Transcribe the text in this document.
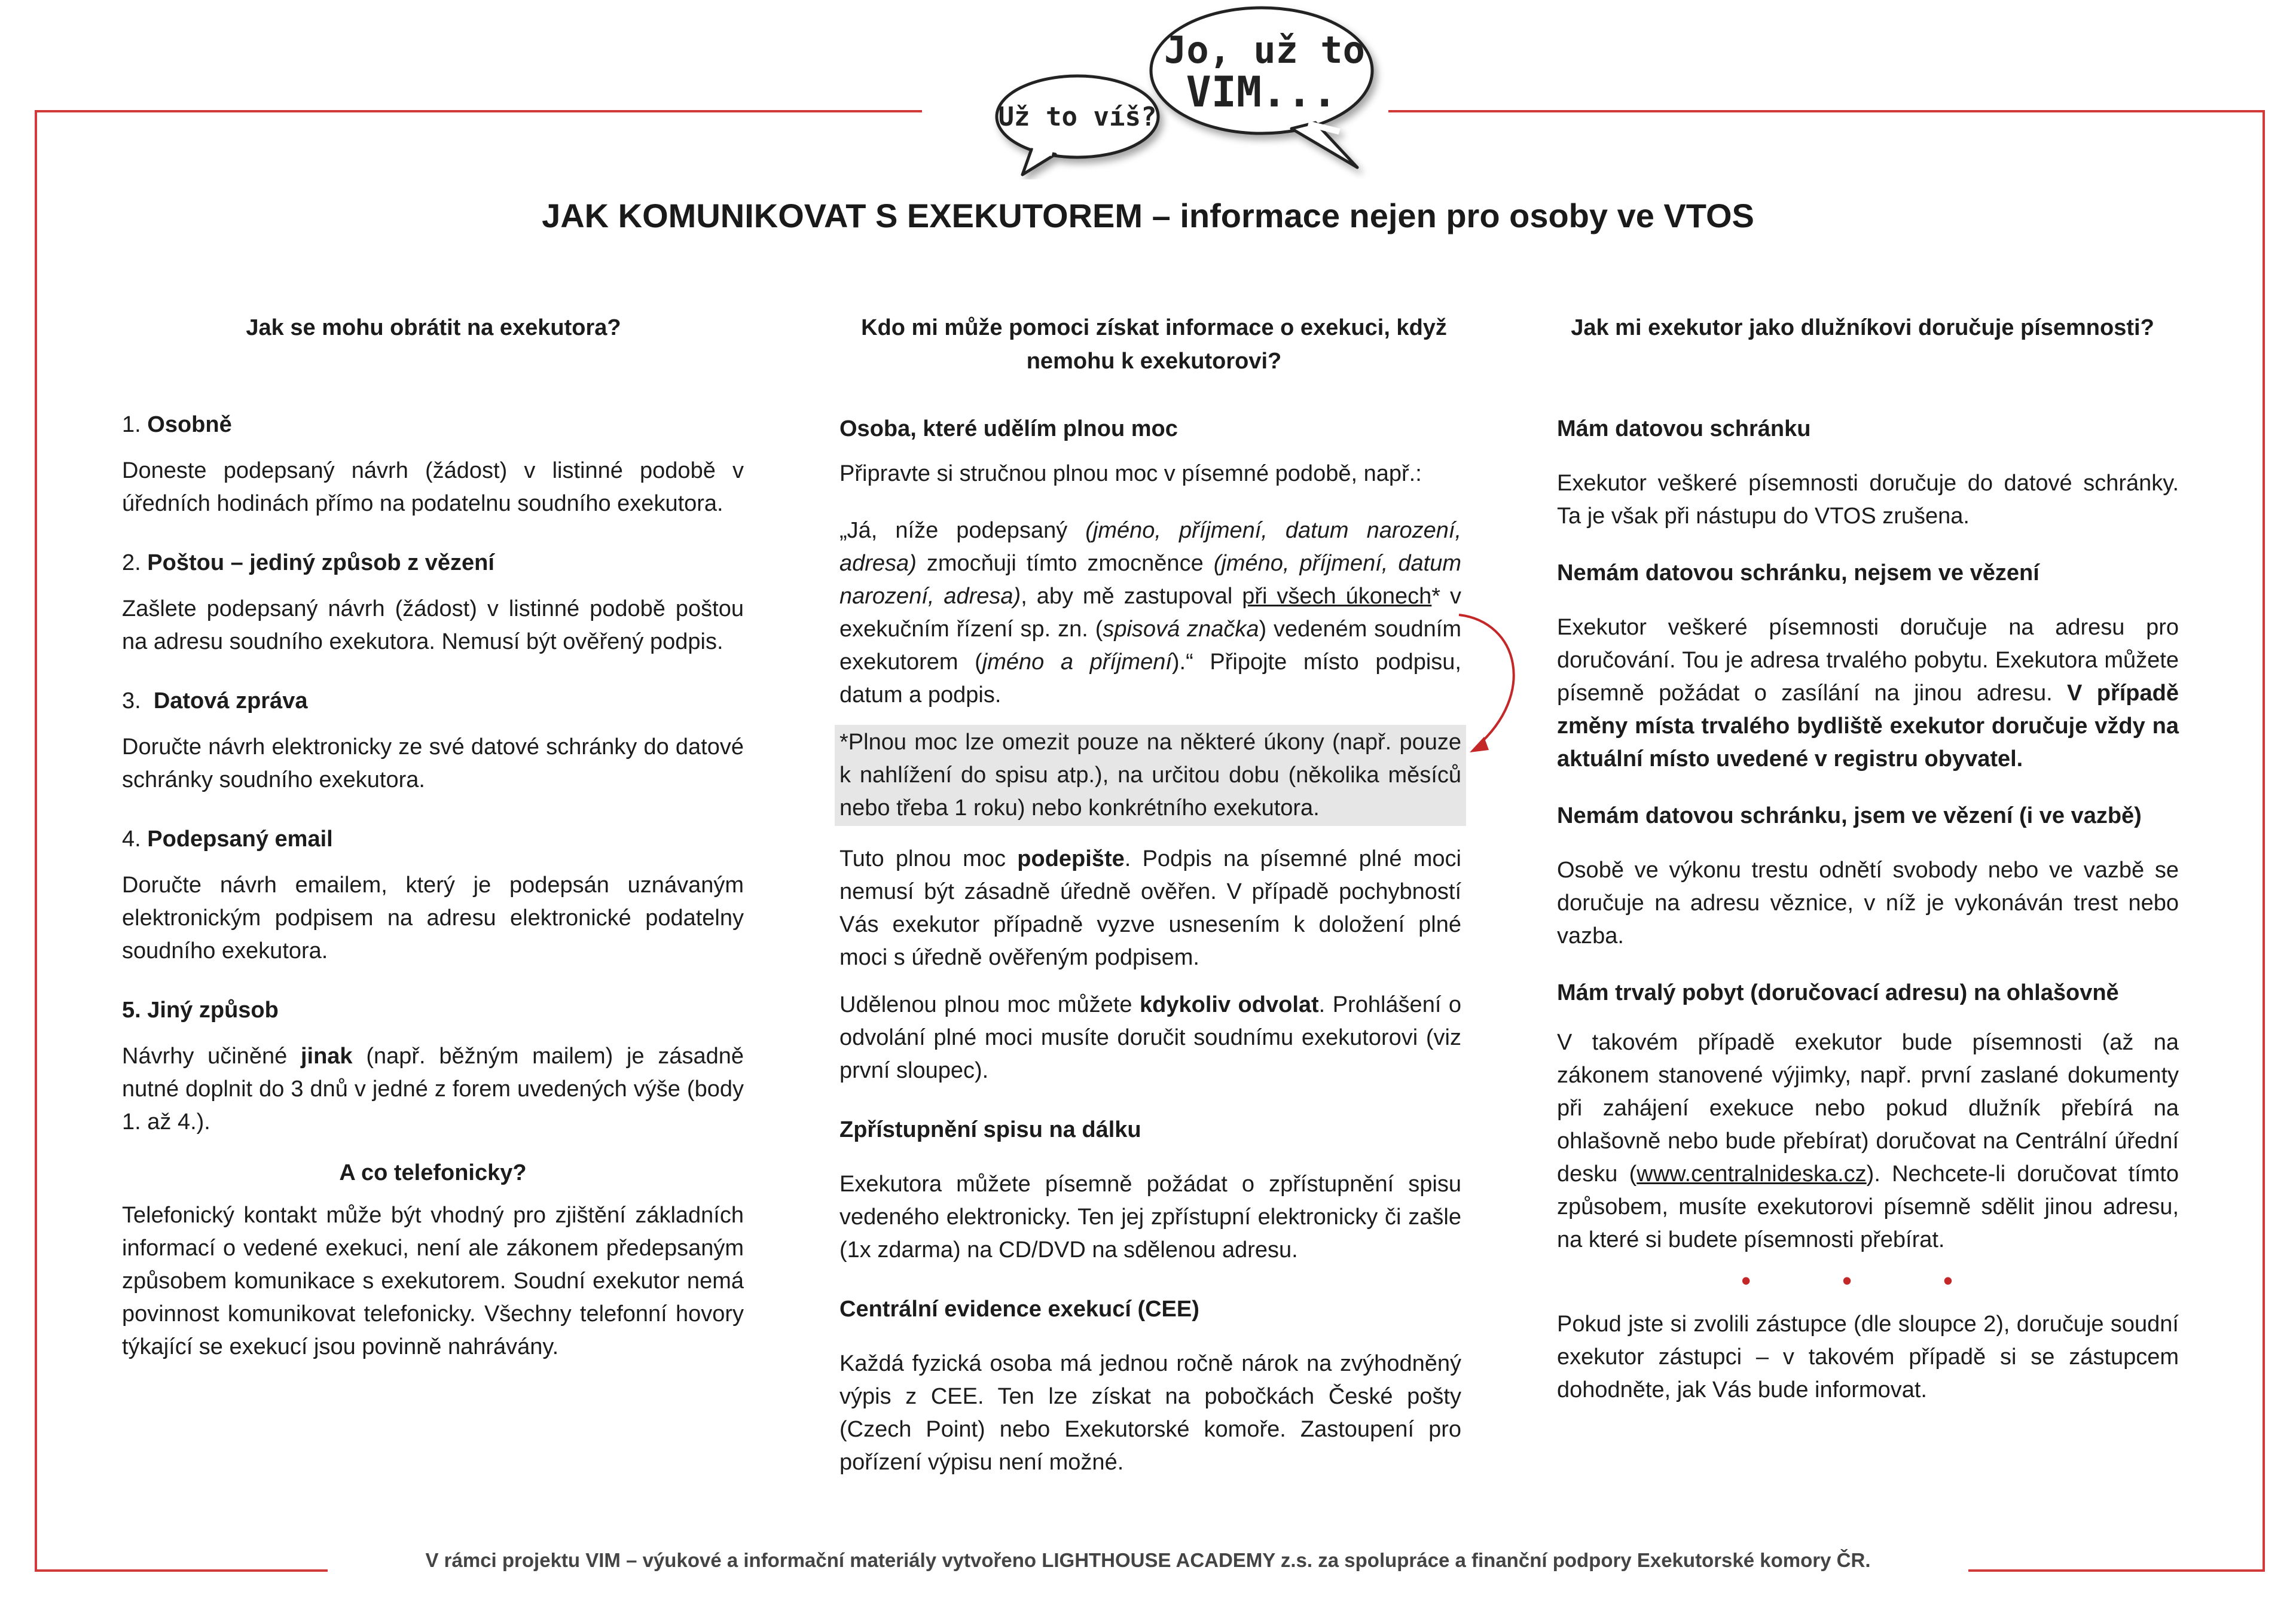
Už to víš?
Jo, už to
VIM...
JAK KOMUNIKOVAT S EXEKUTOREM – informace nejen pro osoby ve VTOS
Jak se mohu obrátit na exekutora?	Kdo mi může pomoci získat informace o exekuci, když nemohu k exekutorovi?
Jak mi exekutor jako dlužníkovi doručuje písemnosti?
1. Osobně
Doneste podepsaný návrh (žádost) v listinné podobě v úředních hodinách přímo na podatelnu soudního exekutora.
2. Poštou – jediný způsob z vězení
Zašlete podepsaný návrh (žádost) v listinné podobě poštou na adresu soudního exekutora. Nemusí být ověřený podpis.
3. Datová zpráva
Doručte návrh elektronicky ze své datové schránky do datové schránky soudního exekutora.
4. Podepsaný email
Doručte návrh emailem, který je podepsán uznávaným elektronickým podpisem na adresu elektronické podatelny soudního exekutora.
5. Jiný způsob
Návrhy učiněné jinak (např. běžným mailem) je zásadně nutné doplnit do 3 dnů v jedné z forem uvedených výše (body 1. až 4.).
A co telefonicky?
Telefonický kontakt může být vhodný pro zjištění základních informací o vedené exekuci, není ale zákonem předepsaným způsobem komunikace s exekutorem. Soudní exekutor nemá povinnost komunikovat telefonicky. Všechny telefonní hovory týkající se exekucí jsou povinně nahrávány.
Osoba, které udělím plnou moc
Připravte si stručnou plnou moc v písemné podobě, např.:
„Já, níže podepsaný (jméno, příjmení, datum narození, adresa) zmocňuji tímto zmocněnce (jméno, příjmení, datum narození, adresa), aby mě zastupoval při všech úkonech* v exekučním řízení sp. zn. (spisová značka) vedeném soudním exekutorem (jméno a příjmení).“ Připojte místo podpisu, datum a podpis.
*Plnou moc lze omezit pouze na některé úkony (např. pouze k nahlížení do spisu atp.), na určitou dobu (několika měsíců nebo třeba 1 roku) nebo konkrétního exekutora.
Tuto plnou moc podepište. Podpis na písemné plné moci nemusí být zásadně úředně ověřen. V případě pochybností Vás exekutor případně vyzve usnesením k doložení plné moci s úředně ověřeným podpisem.
Udělenou plnou moc můžete kdykoliv odvolat. Prohlášení o odvolání plné moci musíte doručit soudnímu exekutorovi (viz první sloupec).
Zpřístupnění spisu na dálku
Exekutora můžete písemně požádat o zpřístupnění spisu vedeného elektronicky. Ten jej zpřístupní elektronicky či zašle (1x zdarma) na CD/DVD na sdělenou adresu.
Centrální evidence exekucí (CEE)
Každá fyzická osoba má jednou ročně nárok na zvýhodněný výpis z CEE. Ten lze získat na pobočkách České pošty (Czech Point) nebo Exekutorské komoře. Zastoupení pro pořízení výpisu není možné.
Mám datovou schránku
Exekutor veškeré písemnosti doručuje do datové schránky. Ta je však při nástupu do VTOS zrušena.
Nemám datovou schránku, nejsem ve vězení
Exekutor veškeré písemnosti doručuje na adresu pro doručování. Tou je adresa trvalého pobytu. Exekutora můžete písemně požádat o zasílání na jinou adresu. V případě změny místa trvalého bydliště exekutor doručuje vždy na aktuální místo uvedené v registru obyvatel.
Nemám datovou schránku, jsem ve vězení (i ve vazbě)
Osobě ve výkonu trestu odnětí svobody nebo ve vazbě se doručuje na adresu věznice, v níž je vykonáván trest nebo vazba.
Mám trvalý pobyt (doručovací adresu) na ohlašovně
V takovém případě exekutor bude písemnosti (až na zákonem stanovené výjimky, např. první zaslané dokumenty při zahájení exekuce nebo pokud dlužník přebírá na ohlašovně nebo bude přebírat) doručovat na Centrální úřední desku (www.centralnideska.cz). Nechcete-li doručovat tímto způsobem, musíte exekutorovi písemně sdělit jinou adresu, na které si budete písemnosti přebírat.
• • •
Pokud jste si zvolili zástupce (dle sloupce 2), doručuje soudní exekutor zástupci – v takovém případě si se zástupcem dohodněte, jak Vás bude informovat.
V rámci projektu VIM – výukové a informační materiály vytvořeno LIGHTHOUSE ACADEMY z.s. za spolupráce a finanční podpory Exekutorské komory ČR.
